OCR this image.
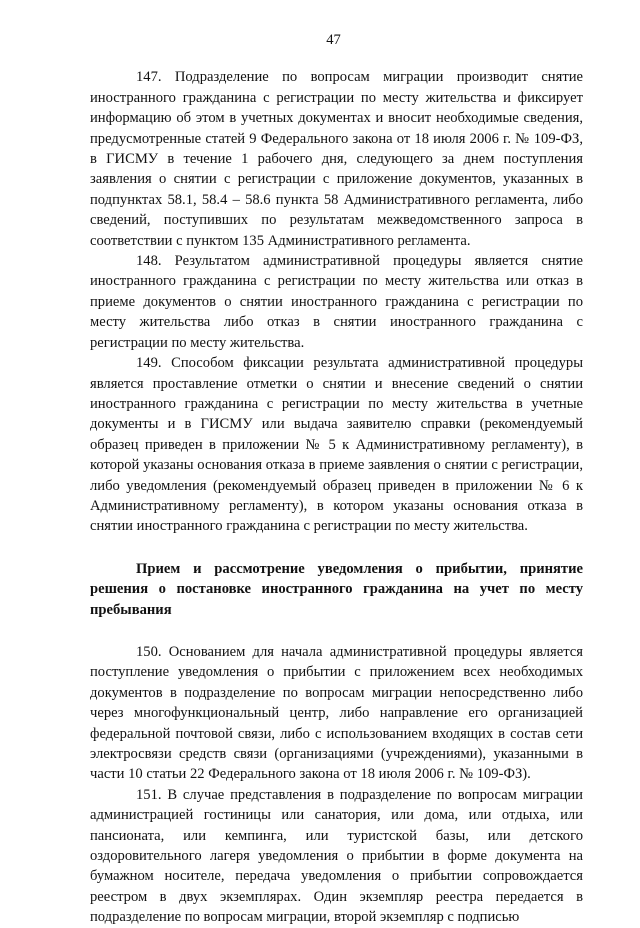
47

147. Подразделение по вопросам миграции производит снятие иностранного гражданина с регистрации по месту жительства и фиксирует информацию об этом в учетных документах и вносит необходимые сведения, предусмотренные статей 9 Федерального закона от 18 июля 2006 г. № 109-ФЗ, в ГИСМУ в течение 1 рабочего дня, следующего за днем поступления заявления о снятии с регистрации с приложение документов, указанных в подпунктах 58.1, 58.4 – 58.6 пункта 58 Административного регламента, либо сведений, поступивших по результатам межведомственного запроса в соответствии с пунктом 135 Административного регламента.

148. Результатом административной процедуры является снятие иностранного гражданина с регистрации по месту жительства или отказ в приеме документов о снятии иностранного гражданина с регистрации по месту жительства либо отказ в снятии иностранного гражданина с регистрации по месту жительства.

149. Способом фиксации результата административной процедуры является проставление отметки о снятии и внесение сведений о снятии иностранного гражданина с регистрации по месту жительства в учетные документы и в ГИСМУ или выдача заявителю справки (рекомендуемый образец приведен в приложении № 5 к Административному регламенту), в которой указаны основания отказа в приеме заявления о снятии с регистрации, либо уведомления (рекомендуемый образец приведен в приложении № 6 к Административному регламенту), в котором указаны основания отказа в снятии иностранного гражданина с регистрации по месту жительства.

Прием и рассмотрение уведомления о прибытии, принятие решения о постановке иностранного гражданина на учет по месту пребывания

150. Основанием для начала административной процедуры является поступление уведомления о прибытии с приложением всех необходимых документов в подразделение по вопросам миграции непосредственно либо через многофункциональный центр, либо направление его организацией федеральной почтовой связи, либо с использованием входящих в состав сети электросвязи средств связи (организациями (учреждениями), указанными в части 10 статьи 22 Федерального закона от 18 июля 2006 г. № 109-ФЗ).

151. В случае представления в подразделение по вопросам миграции администрацией гостиницы или санатория, или дома, или отдыха, или пансионата, или кемпинга, или туристской базы, или детского оздоровительного лагеря уведомления о прибытии в форме документа на бумажном носителе, передача уведомления о прибытии сопровождается реестром в двух экземплярах. Один экземпляр реестра передается в подразделение по вопросам миграции, второй экземпляр с подписью
